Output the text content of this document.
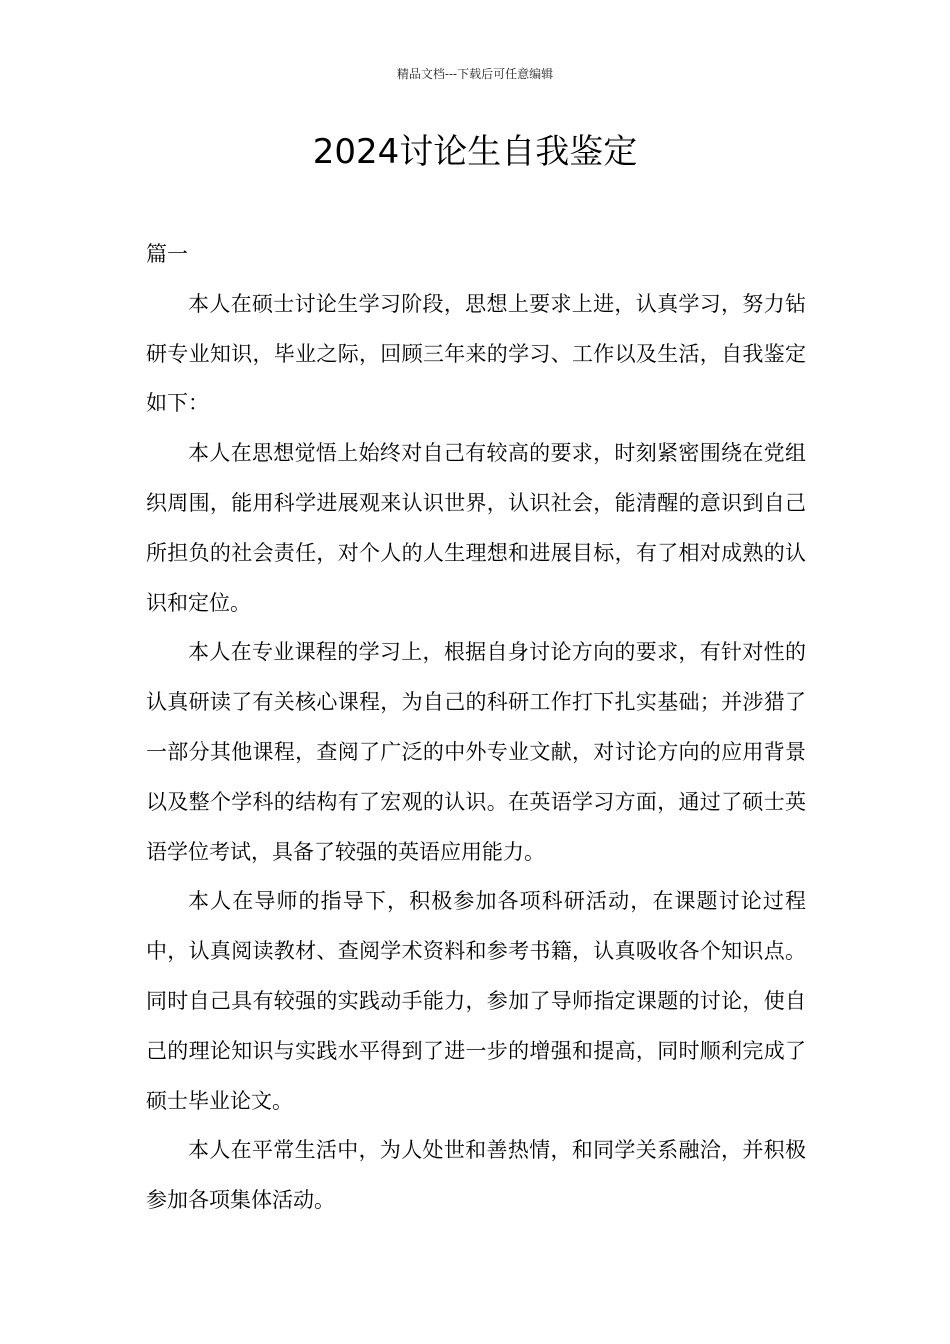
精品文档---下载后可任意编辑
2024讨论生自我鉴定

篇一

本人在硕士讨论生学习阶段，思想上要求上进，认真学习，努力钻研专业知识，毕业之际，回顾三年来的学习、工作以及生活，自我鉴定如下：

本人在思想觉悟上始终对自己有较高的要求，时刻紧密围绕在党组织周围，能用科学进展观来认识世界，认识社会，能清醒的意识到自己所担负的社会责任，对个人的人生理想和进展目标，有了相对成熟的认识和定位。

本人在专业课程的学习上，根据自身讨论方向的要求，有针对性的认真研读了有关核心课程，为自己的科研工作打下扎实基础；并涉猎了一部分其他课程，查阅了广泛的中外专业文献，对讨论方向的应用背景以及整个学科的结构有了宏观的认识。在英语学习方面，通过了硕士英语学位考试，具备了较强的英语应用能力。

本人在导师的指导下，积极参加各项科研活动，在课题讨论过程中，认真阅读教材、查阅学术资料和参考书籍，认真吸收各个知识点。同时自己具有较强的实践动手能力，参加了导师指定课题的讨论，使自己的理论知识与实践水平得到了进一步的增强和提高，同时顺利完成了硕士毕业论文。

本人在平常生活中，为人处世和善热情，和同学关系融洽，并积极参加各项集体活动。
